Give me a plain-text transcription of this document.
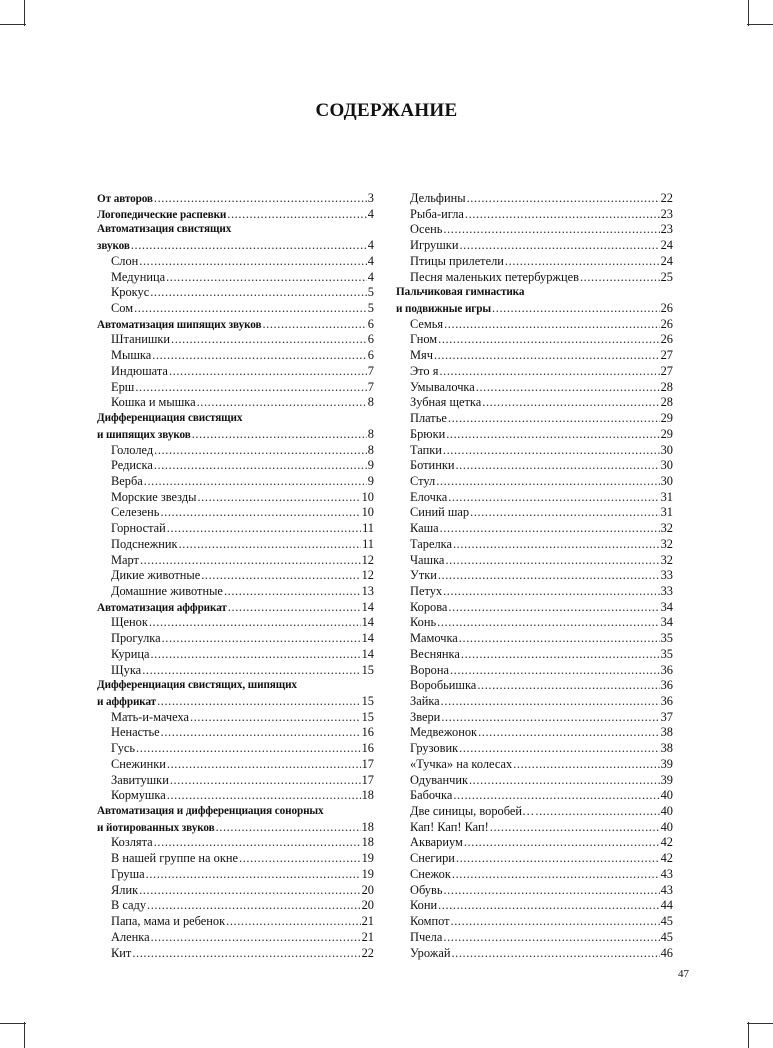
СОДЕРЖАНИЕ
От авторов .....	3
Логопедические распевки .....	4
Автоматизация свистящих
звуков .....	4
Слон .....	4
Медуница .....	4
Крокус .....	5
Сом .....	5
Автоматизация шипящих звуков .....	6
Штанишки .....	6
Мышка .....	6
Индюшата .....	7
Ерш .....	7
Кошка и мышка .....	8
Дифференциация свистящих
и шипящих звуков .....	8
Гололед .....	8
Редиска .....	9
Верба .....	9
Морские звезды .....	10
Селезень .....	10
Горностай .....	11
Подснежник .....	11
Март .....	12
Дикие животные .....	12
Домашние животные .....	13
Автоматизация аффрикат .....	14
Щенок .....	14
Прогулка .....	14
Курица .....	14
Щука .....	15
Дифференциация свистящих, шипящих
и аффрикат .....	15
Мать-и-мачеха .....	15
Ненастье .....	16
Гусь .....	16
Снежинки .....	17
Завитушки .....	17
Кормушка .....	18
Автоматизация и дифференциация сонорных
и йотированных звуков .....	18
Козлята .....	18
В нашей группе на окне .....	19
Груша .....	19
Ялик .....	20
В саду .....	20
Папа, мама и ребенок .....	21
Аленка .....	21
Кит .....	22
Дельфины .....	22
Рыба-игла .....	23
Осень .....	23
Игрушки .....	24
Птицы прилетели .....	24
Песня маленьких петербуржцев .....	25
Пальчиковая гимнастика
и подвижные игры .....	26
Семья .....	26
Гном .....	26
Мяч .....	27
Это я .....	27
Умывалочка .....	28
Зубная щетка .....	28
Платье .....	29
Брюки .....	29
Тапки .....	30
Ботинки .....	30
Стул .....	30
Елочка .....	31
Синий шар .....	31
Каша .....	32
Тарелка .....	32
Чашка .....	32
Утки .....	33
Петух .....	33
Корова .....	34
Конь .....	34
Мамочка .....	35
Веснянка .....	35
Ворона .....	36
Воробьишка .....	36
Зайка .....	36
Звери .....	37
Медвежонок .....	38
Грузовик .....	38
«Тучка» на колесах .....	39
Одуванчик .....	39
Бабочка .....	40
Две синицы, воробей… .....	40
Кап! Кап! Кап! .....	40
Аквариум .....	42
Снегири .....	42
Снежок .....	43
Обувь .....	43
Кони .....	44
Компот .....	45
Пчела .....	45
Урожай .....	46
47
